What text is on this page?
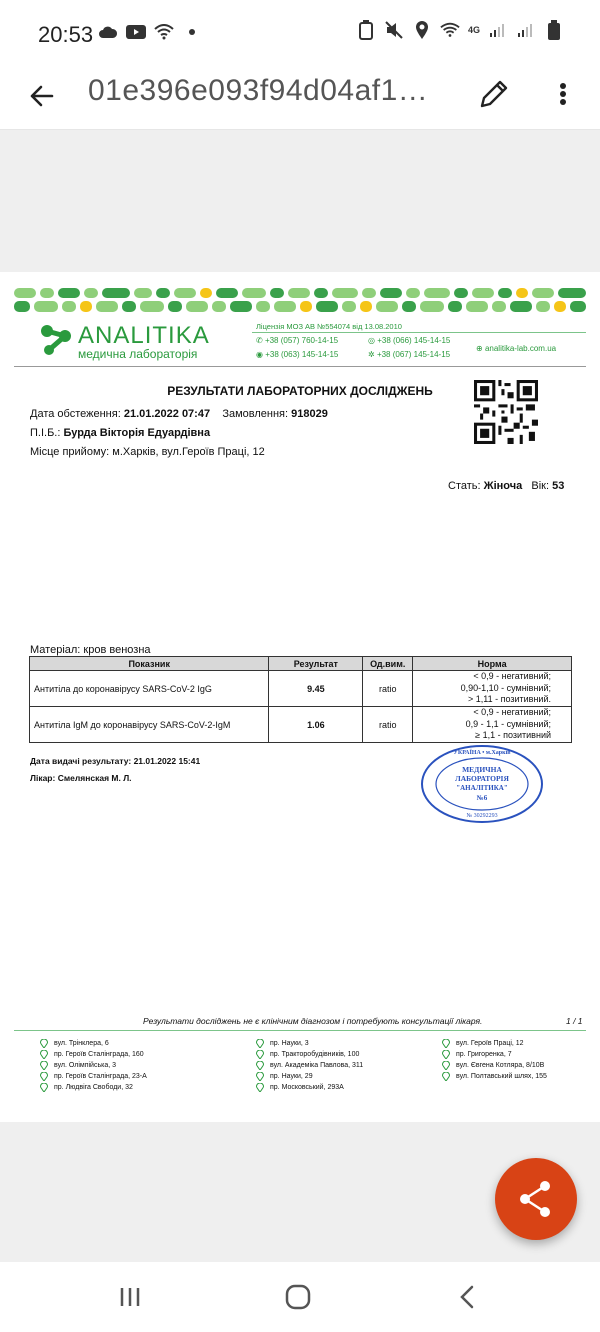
20:53	4G
01e396e093f94d04af1…
ANALITIKA
медична лабораторія
Ліцензія МОЗ АВ №554074 від 13.08.2010
✆ +38 (057) 760-14-15
◉ +38 (063) 145-14-15
◎ +38 (066) 145-14-15
✲ +38 (067) 145-14-15
⊕ analitika-lab.com.ua
РЕЗУЛЬТАТИ ЛАБОРАТОРНИХ ДОСЛІДЖЕНЬ
Дата обстеження: 21.01.2022 07:47 Замовлення: 918029
П.І.Б.: Бурда Вікторія Едуардівна
Місце прийому: м.Харків, вул.Героїв Праці, 12
Стать: Жіноча Вік: 53
Матеріал: кров венозна
Показник	Результат	Од.вим.	Норма
Антитіла до коронавірусу SARS-CoV-2 IgG	9.45	ratio	< 0,9 - негативний;
0,90-1,10 - сумнівний;
> 1,11 - позитивний.

Антитіла IgM до коронавірусу SARS-CoV-2-IgM	1.06	ratio	< 0,9 - негативний;
0,9 - 1,1 - сумнівний;
≥ 1,1 - позитивний
Дата видачі результату: 21.01.2022 15:41
Лікар: Смелянская М. Л.
УКРАЇНА • м.Харків
МЕДИЧНА
ЛАБОРАТОРІЯ
"АНАЛІТИКА"
№6
№ 30292293
Результати досліджень не є клінічним діагнозом і потребують консультації лікаря.	1 / 1
вул. Трінклера, 6
пр. Героїв Сталінграда, 160
вул. Олімпійська, 3
пр. Героїв Сталінграда, 23-А
пр. Людвіга Свободи, 32
пр. Науки, 3
пр. Тракторобудівників, 100
вул. Академіка Павлова, 311
пр. Науки, 29
пр. Московський, 293А
вул. Героїв Праці, 12
пр. Григоренка, 7
вул. Євгена Котляра, 8/10В
вул. Полтавський шлях, 155
